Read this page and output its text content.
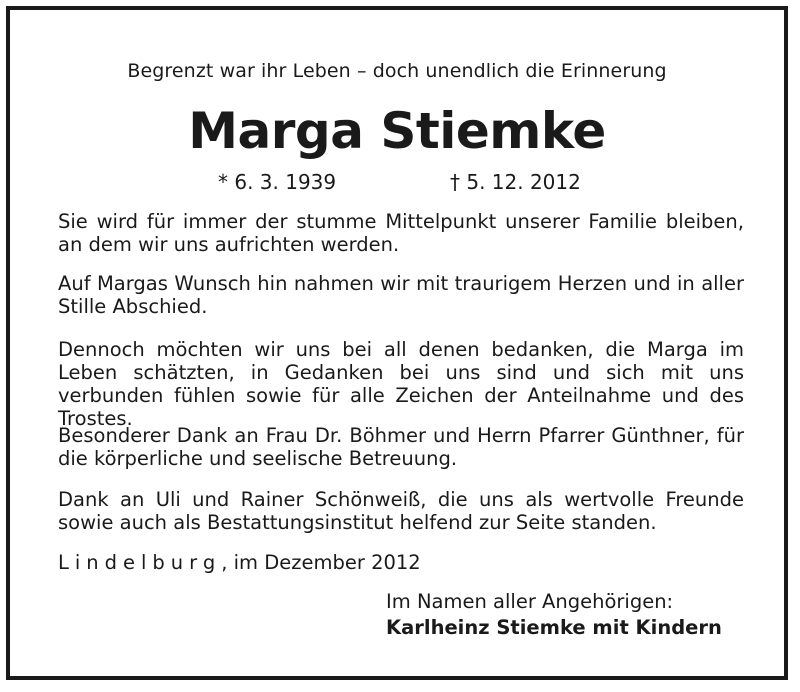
Begrenzt war ihr Leben – doch unendlich die Erinnerung
Marga Stiemke
* 6. 3. 1939	† 5. 12. 2012
Sie wird für immer der stumme Mittelpunkt unserer Familie bleiben, an dem wir uns aufrichten werden.
Auf Margas Wunsch hin nahmen wir mit traurigem Herzen und in aller Stille Abschied.
Dennoch möchten wir uns bei all denen bedanken, die Marga im Leben schätzten, in Gedanken bei uns sind und sich mit uns verbunden fühlen sowie für alle Zeichen der Anteilnahme und des Trostes.
Besonderer Dank an Frau Dr. Böhmer und Herrn Pfarrer Günthner, für die körperliche und seelische Betreuung.
Dank an Uli und Rainer Schönweiß, die uns als wertvolle Freunde sowie auch als Bestattungsinstitut helfend zur Seite standen.
Lindelburg, im Dezember 2012
Im Namen aller Angehörigen:
Karlheinz Stiemke mit Kindern
